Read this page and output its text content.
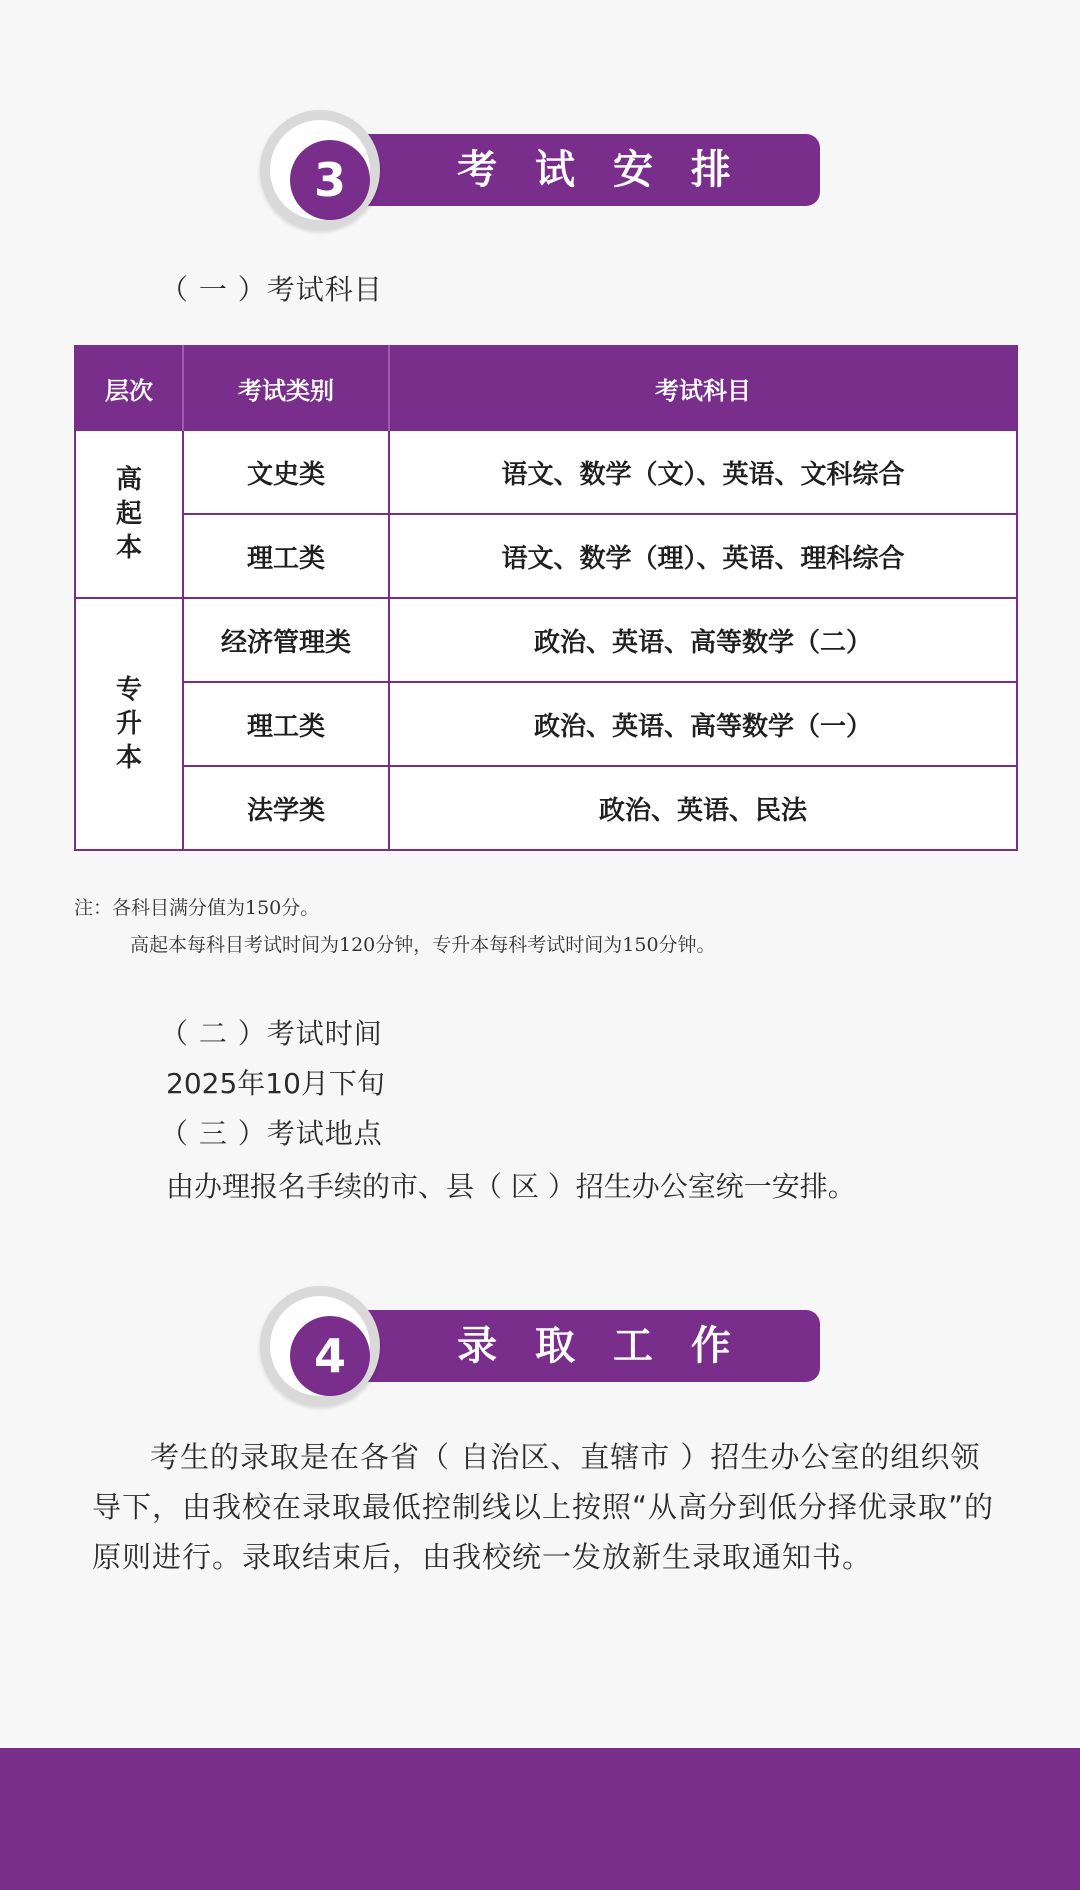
考 试 安 排
3
（ 一 ）考试科目
层次	考试类别	考试科目

高
起
本	文史类	语文、数学（文）、英语、文科综合
	理工类	语文、数学（理）、英语、理科综合

专
升
本	经济管理类	政治、英语、高等数学（二）
	理工类	政治、英语、高等数学（一）
	法学类	政治、英语、民法
注：各科目满分值为150分。
高起本每科目考试时间为120分钟，专升本每科考试时间为150分钟。
（ 二 ）考试时间
2025年10月下旬
（ 三 ）考试地点
由办理报名手续的市、县（ 区 ）招生办公室统一安排。
录 取 工 作
4
考生的录取是在各省（ 自治区、直辖市 ）招生办公室的组织领导下，由我校在录取最低控制线以上按照“从高分到低分择优录取”的原则进行。录取结束后，由我校统一发放新生录取通知书。
